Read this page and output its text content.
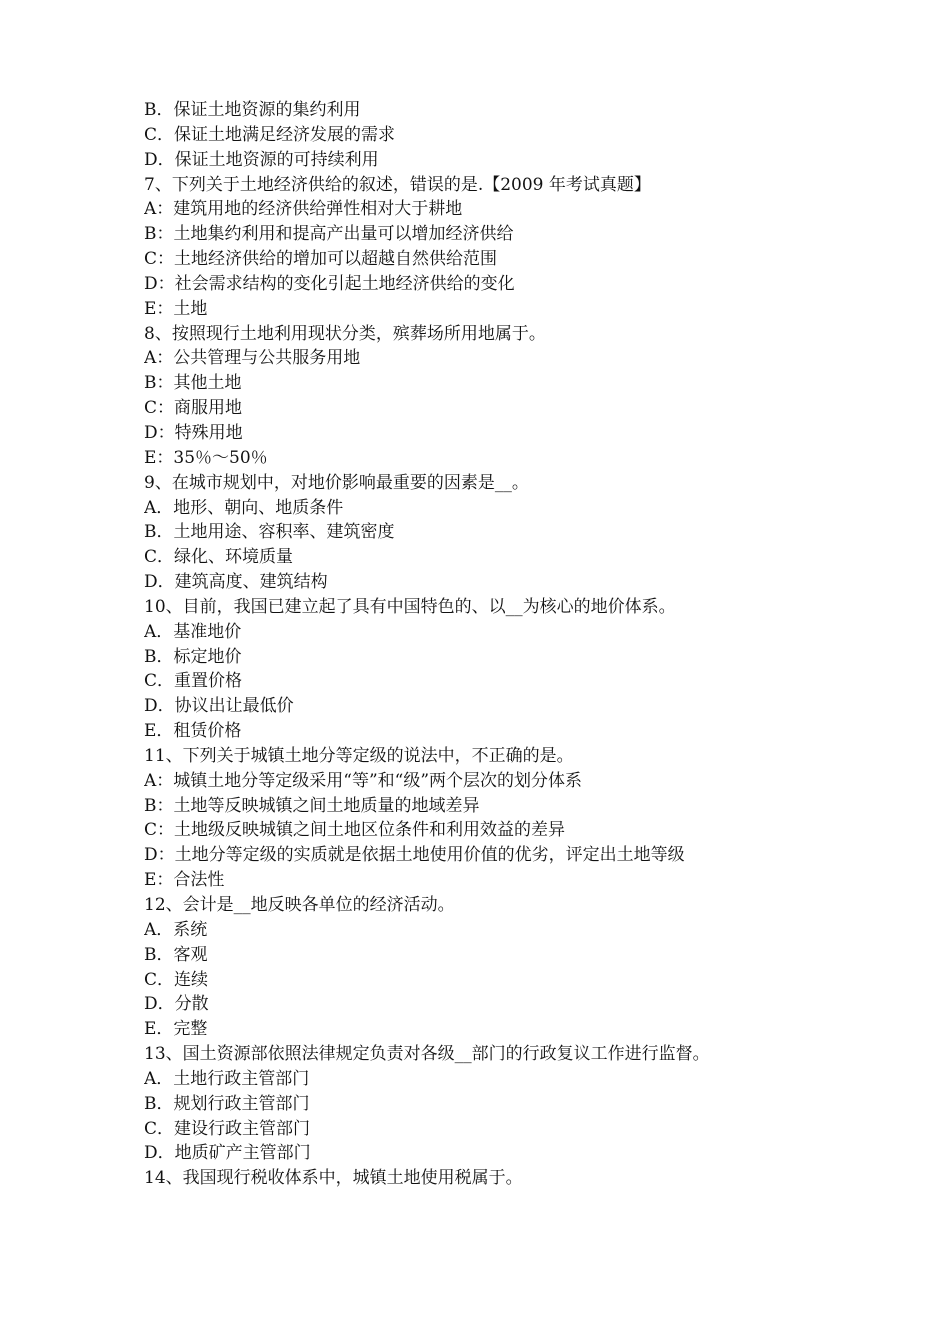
B．保证土地资源的集约利用
C．保证土地满足经济发展的需求
D．保证土地资源的可持续利用
7、下列关于土地经济供给的叙述，错误的是.【2009 年考试真题】
A：建筑用地的经济供给弹性相对大于耕地
B：土地集约利用和提高产出量可以增加经济供给
C：土地经济供给的增加可以超越自然供给范围
D：社会需求结构的变化引起土地经济供给的变化
E：土地
8、按照现行土地利用现状分类，殡葬场所用地属于。
A：公共管理与公共服务用地
B：其他土地
C：商服用地
D：特殊用地
E：35％～50％
9、在城市规划中，对地价影响最重要的因素是__。
A．地形、朝向、地质条件
B．土地用途、容积率、建筑密度
C．绿化、环境质量
D．建筑高度、建筑结构
10、目前，我国已建立起了具有中国特色的、以__为核心的地价体系。
A．基准地价
B．标定地价
C．重置价格
D．协议出让最低价
E．租赁价格
11、下列关于城镇土地分等定级的说法中，不正确的是。
A：城镇土地分等定级采用“等”和“级”两个层次的划分体系
B：土地等反映城镇之间土地质量的地域差异
C：土地级反映城镇之间土地区位条件和利用效益的差异
D：土地分等定级的实质就是依据土地使用价值的优劣，评定出土地等级
E：合法性
12、会计是__地反映各单位的经济活动。
A．系统
B．客观
C．连续
D．分散
E．完整
13、国土资源部依照法律规定负责对各级__部门的行政复议工作进行监督。
A．土地行政主管部门
B．规划行政主管部门
C．建设行政主管部门
D．地质矿产主管部门
14、我国现行税收体系中，城镇土地使用税属于。
